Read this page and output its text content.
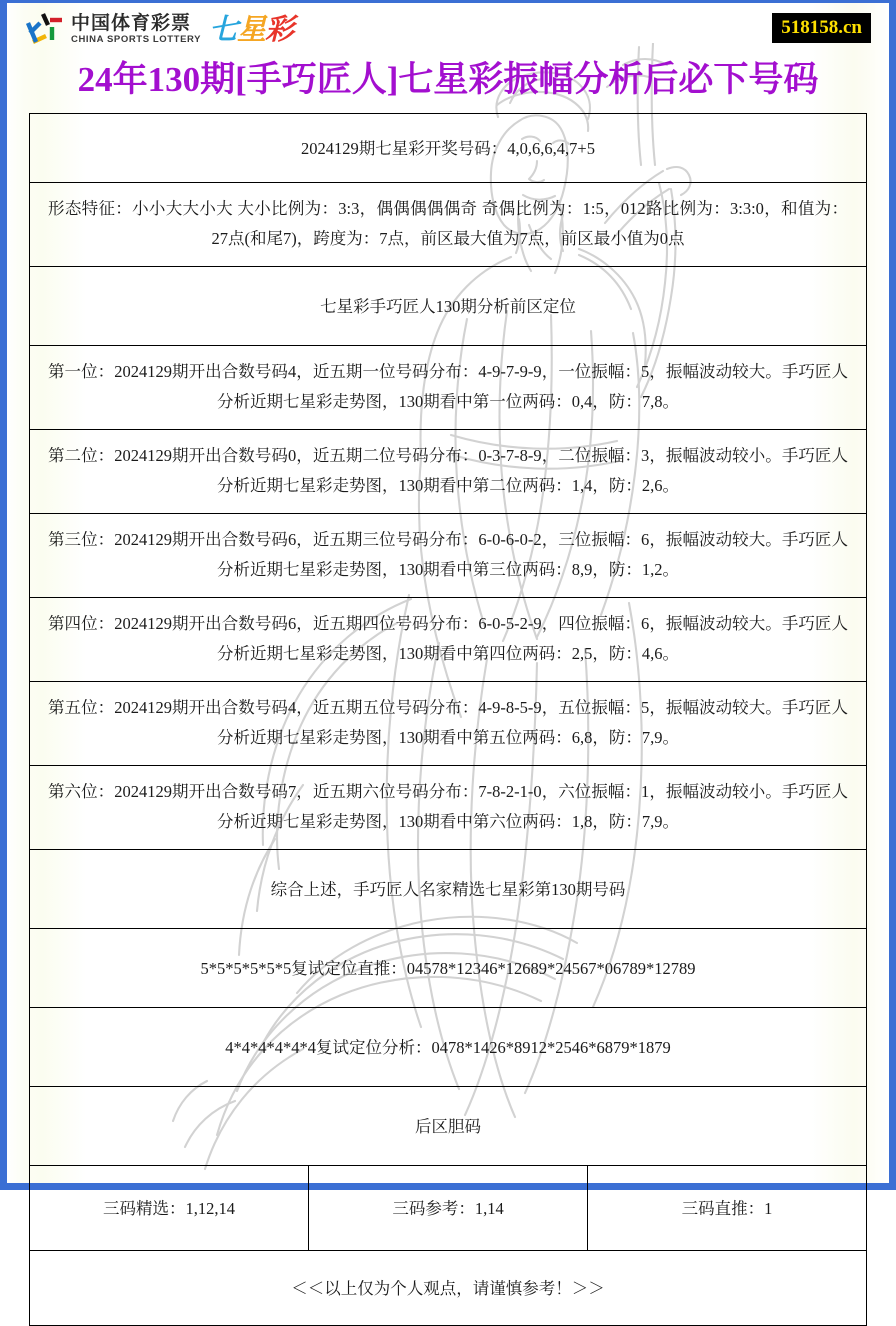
中国体育彩票
CHINA SPORTS LOTTERY 七星彩	518158.cn
24年130期[手巧匠人]七星彩振幅分析后必下号码
2024129期七星彩开奖号码：4,0,6,6,4,7+5
形态特征：小小大大小大 大小比例为：3:3，偶偶偶偶偶奇 奇偶比例为：1:5，012路比例为：3:3:0，和值为：27点(和尾7)，跨度为：7点，前区最大值为7点，前区最小值为0点
七星彩手巧匠人130期分析前区定位
第一位：2024129期开出合数号码4，近五期一位号码分布：4-9-7-9-9，一位振幅：5，振幅波动较大。手巧匠人分析近期七星彩走势图，130期看中第一位两码：0,4，防：7,8。
第二位：2024129期开出合数号码0，近五期二位号码分布：0-3-7-8-9，二位振幅：3，振幅波动较小。手巧匠人分析近期七星彩走势图，130期看中第二位两码：1,4，防：2,6。
第三位：2024129期开出合数号码6，近五期三位号码分布：6-0-6-0-2，三位振幅：6，振幅波动较大。手巧匠人分析近期七星彩走势图，130期看中第三位两码：8,9，防：1,2。
第四位：2024129期开出合数号码6，近五期四位号码分布：6-0-5-2-9，四位振幅：6，振幅波动较大。手巧匠人分析近期七星彩走势图，130期看中第四位两码：2,5，防：4,6。
第五位：2024129期开出合数号码4，近五期五位号码分布：4-9-8-5-9，五位振幅：5，振幅波动较大。手巧匠人分析近期七星彩走势图，130期看中第五位两码：6,8，防：7,9。
第六位：2024129期开出合数号码7，近五期六位号码分布：7-8-2-1-0，六位振幅：1，振幅波动较小。手巧匠人分析近期七星彩走势图，130期看中第六位两码：1,8，防：7,9。
综合上述，手巧匠人名家精选七星彩第130期号码
5*5*5*5*5*5复试定位直推：04578*12346*12689*24567*06789*12789
4*4*4*4*4*4复试定位分析：0478*1426*8912*2546*6879*1879
后区胆码
三码精选：1,12,14	三码参考：1,14	三码直推：1
＜＜以上仅为个人观点，请谨慎参考！＞＞
